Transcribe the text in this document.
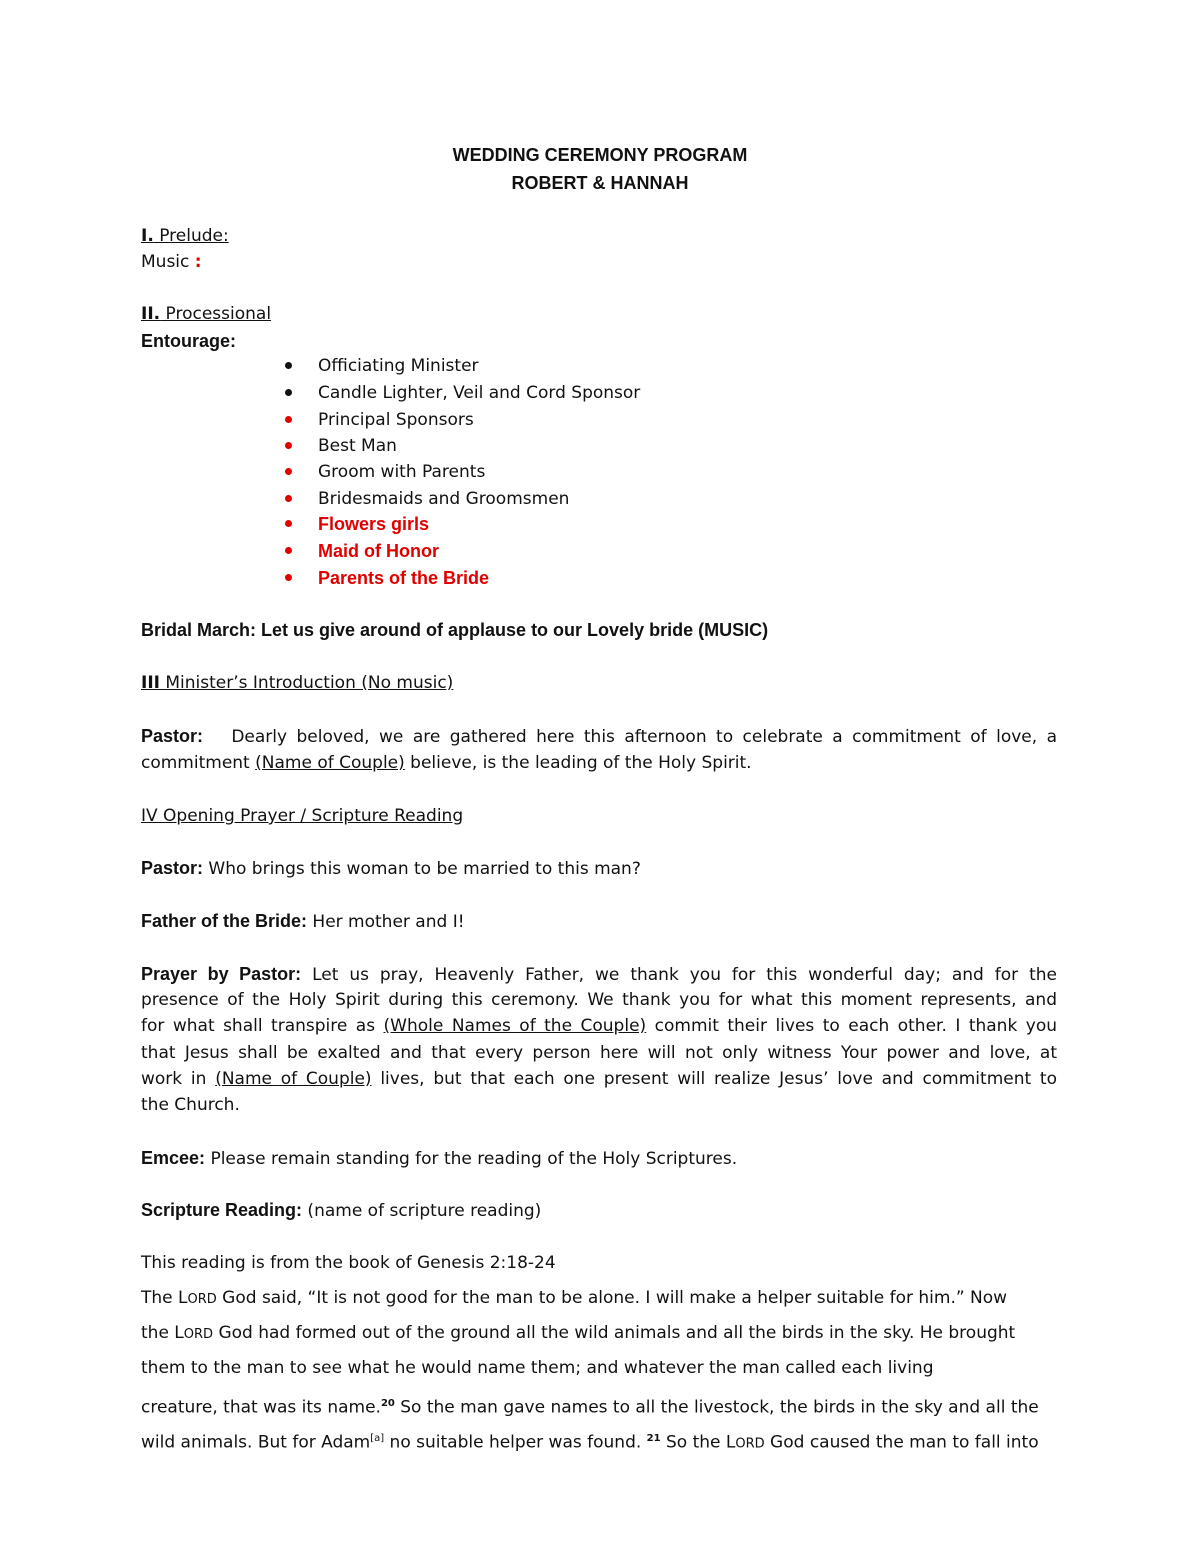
WEDDING CEREMONY PROGRAM
ROBERT & HANNAH
I. Prelude:
Music :
II. Processional
Entourage:
Officiating Minister
Candle Lighter, Veil and Cord Sponsor
Principal Sponsors
Best Man
Groom with Parents
Bridesmaids and Groomsmen
Flowers girls
Maid of Honor
Parents of the Bride
Bridal March: Let us give around of applause to our Lovely bride (MUSIC)
III Minister’s Introduction (No music)
Pastor: Dearly beloved, we are gathered here this afternoon to celebrate a commitment of love, a
commitment (Name of Couple) believe, is the leading of the Holy Spirit.
IV Opening Prayer / Scripture Reading
Pastor: Who brings this woman to be married to this man?
Father of the Bride: Her mother and I!
Prayer by Pastor: Let us pray, Heavenly Father, we thank you for this wonderful day; and for the
presence of the Holy Spirit during this ceremony. We thank you for what this moment represents, and
for what shall transpire as (Whole Names of the Couple) commit their lives to each other. I thank you
that Jesus shall be exalted and that every person here will not only witness Your power and love, at
work in (Name of Couple) lives, but that each one present will realize Jesus’ love and commitment to
the Church.
Emcee: Please remain standing for the reading of the Holy Scriptures.
Scripture Reading: (name of scripture reading)
This reading is from the book of Genesis 2:18-24
The LORD God said, “It is not good for the man to be alone. I will make a helper suitable for him.” Now
the LORD God had formed out of the ground all the wild animals and all the birds in the sky. He brought
them to the man to see what he would name them; and whatever the man called each living
creature, that was its name.$^{20}$ So the man gave names to all the livestock, the birds in the sky and all the
wild animals. But for Adam[a] no suitable helper was found. $^{21}$ So the LORD God caused the man to fall into
